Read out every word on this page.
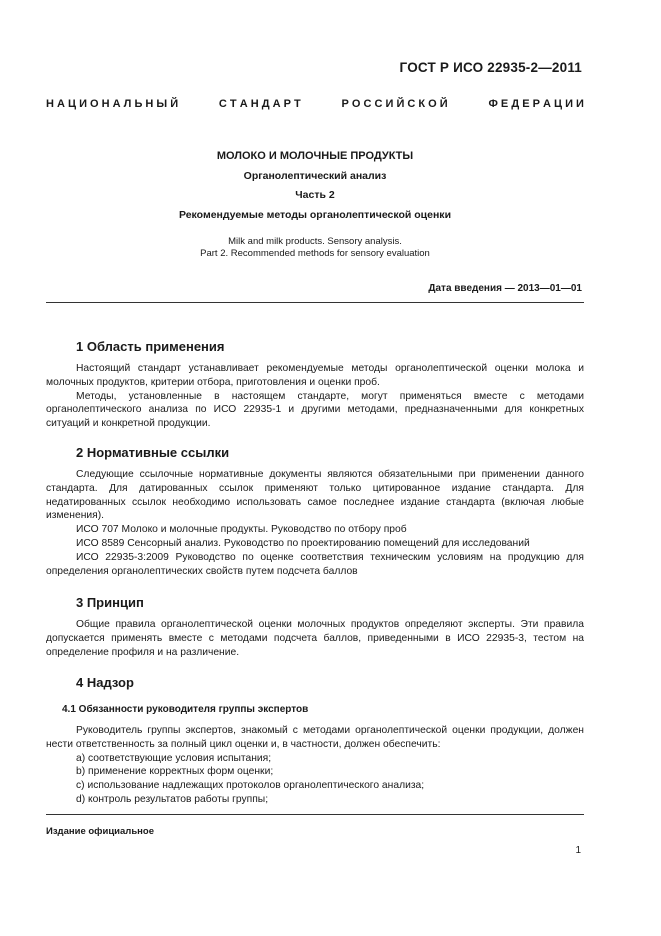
ГОСТ Р ИСО 22935-2—2011
Н А Ц И О Н А Л Ь Н Ы Й	С Т А Н Д А Р Т	Р О С С И Й С К О Й	Ф Е Д Е Р А Ц И И
МОЛОКО И МОЛОЧНЫЕ ПРОДУКТЫ
Органолептический анализ
Часть 2
Рекомендуемые методы органолептической оценки
Milk and milk products. Sensory analysis.
Part 2. Recommended methods for sensory evaluation
Дата введения — 2013—01—01
1 Область применения

Настоящий стандарт устанавливает рекомендуемые методы органолептической оценки молока и молочных продуктов, критерии отбора, приготовления и оценки проб.

Методы, установленные в настоящем стандарте, могут применяться вместе с методами органолептического анализа по ИСО 22935-1 и другими методами, предназначенными для конкретных ситуаций и конкретной продукции.

2 Нормативные ссылки

Следующие ссылочные нормативные документы являются обязательными при применении данного стандарта. Для датированных ссылок применяют только цитированное издание стандарта. Для недатированных ссылок необходимо использовать самое последнее издание стандарта (включая любые изменения).

ИСО 707 Молоко и молочные продукты. Руководство по отбору проб

ИСО 8589 Сенсорный анализ. Руководство по проектированию помещений для исследований

ИСО 22935-3:2009 Руководство по оценке соответствия техническим условиям на продукцию для определения органолептических свойств путем подсчета баллов

3 Принцип

Общие правила органолептической оценки молочных продуктов определяют эксперты. Эти правила допускается применять вместе с методами подсчета баллов, приведенными в ИСО 22935-3, тестом на определение профиля и на различение.

4 Надзор
4.1 Обязанности руководителя группы экспертов

Руководитель группы экспертов, знакомый с методами органолептической оценки продукции, должен нести ответственность за полный цикл оценки и, в частности, должен обеспечить:

a) соответствующие условия испытания;

b) применение корректных форм оценки;

c) использование надлежащих протоколов органолептического анализа;

d) контроль результатов работы группы;

Издание официальное
1
